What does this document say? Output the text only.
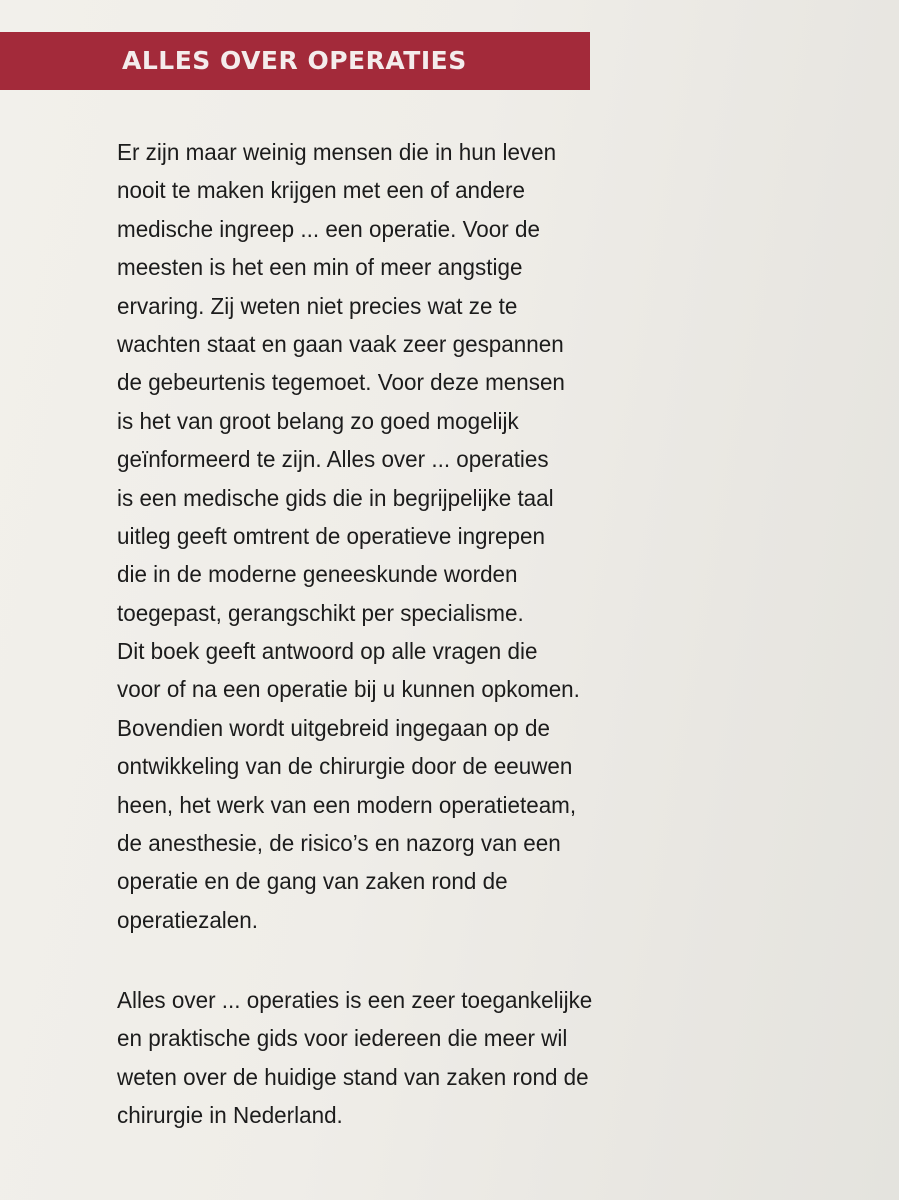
ALLES OVER OPERATIES
Er zijn maar weinig mensen die in hun leven
nooit te maken krijgen met een of andere
medische ingreep ... een operatie. Voor de
meesten is het een min of meer angstige
ervaring. Zij weten niet precies wat ze te
wachten staat en gaan vaak zeer gespannen
de gebeurtenis tegemoet. Voor deze mensen
is het van groot belang zo goed mogelijk
geïnformeerd te zijn. Alles over ... operaties
is een medische gids die in begrijpelijke taal
uitleg geeft omtrent de operatieve ingrepen
die in de moderne geneeskunde worden
toegepast, gerangschikt per specialisme.
Dit boek geeft antwoord op alle vragen die
voor of na een operatie bij u kunnen opkomen.
Bovendien wordt uitgebreid ingegaan op de
ontwikkeling van de chirurgie door de eeuwen
heen, het werk van een modern operatieteam,
de anesthesie, de risico’s en nazorg van een
operatie en de gang van zaken rond de
operatiezalen.
Alles over ... operaties is een zeer toegankelijke
en praktische gids voor iedereen die meer wil
weten over de huidige stand van zaken rond de
chirurgie in Nederland.
